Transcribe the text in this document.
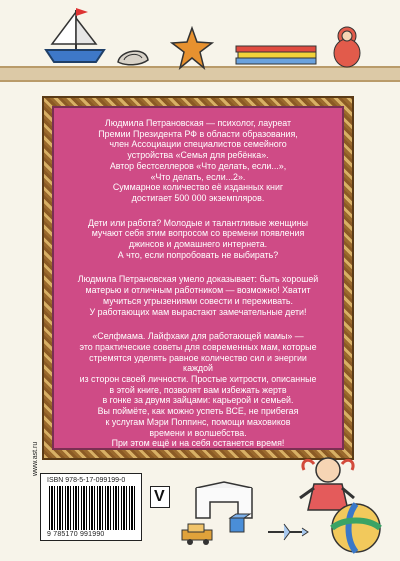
Людмила Петрановская — психолог, лауреат

Премии Президента РФ в области образования,

член Ассоциации специалистов семейного

устройства «Семья для ребёнка».

Автор бестселлеров «Что делать, если...»,

«Что делать, если...2».

Суммарное количество её изданных книг

достигает 500 000 экземпляров.

Дети или работа? Молодые и талантливые женщины

мучают себя этим вопросом со времени появления

джинсов и домашнего интернета.

А что, если попробовать не выбирать?

Людмила Петрановская умело доказывает: быть хорошей

матерью и отличным работником — возможно! Хватит

мучиться угрызениями совести и переживать.

У работающих мам вырастают замечательные дети!

«Селфмама. Лайфхаки для работающей мамы» —

это практические советы для современных мам, которые

стремятся уделять равное количество сил и энергии каждой

из сторон своей личности. Простые хитрости, описанные

в этой книге, позволят вам избежать жертв

в гонке за двумя зайцами: карьерой и семьей.

Вы поймёте, как можно успеть ВСЕ, не прибегая

к услугам Мэри Поппинс, помощи маховиков

времени и волшебства.

При этом ещё и на себя останется время!

www.ast.ru
ISBN 978-5-17-099199-0
9 785170 991990
V
